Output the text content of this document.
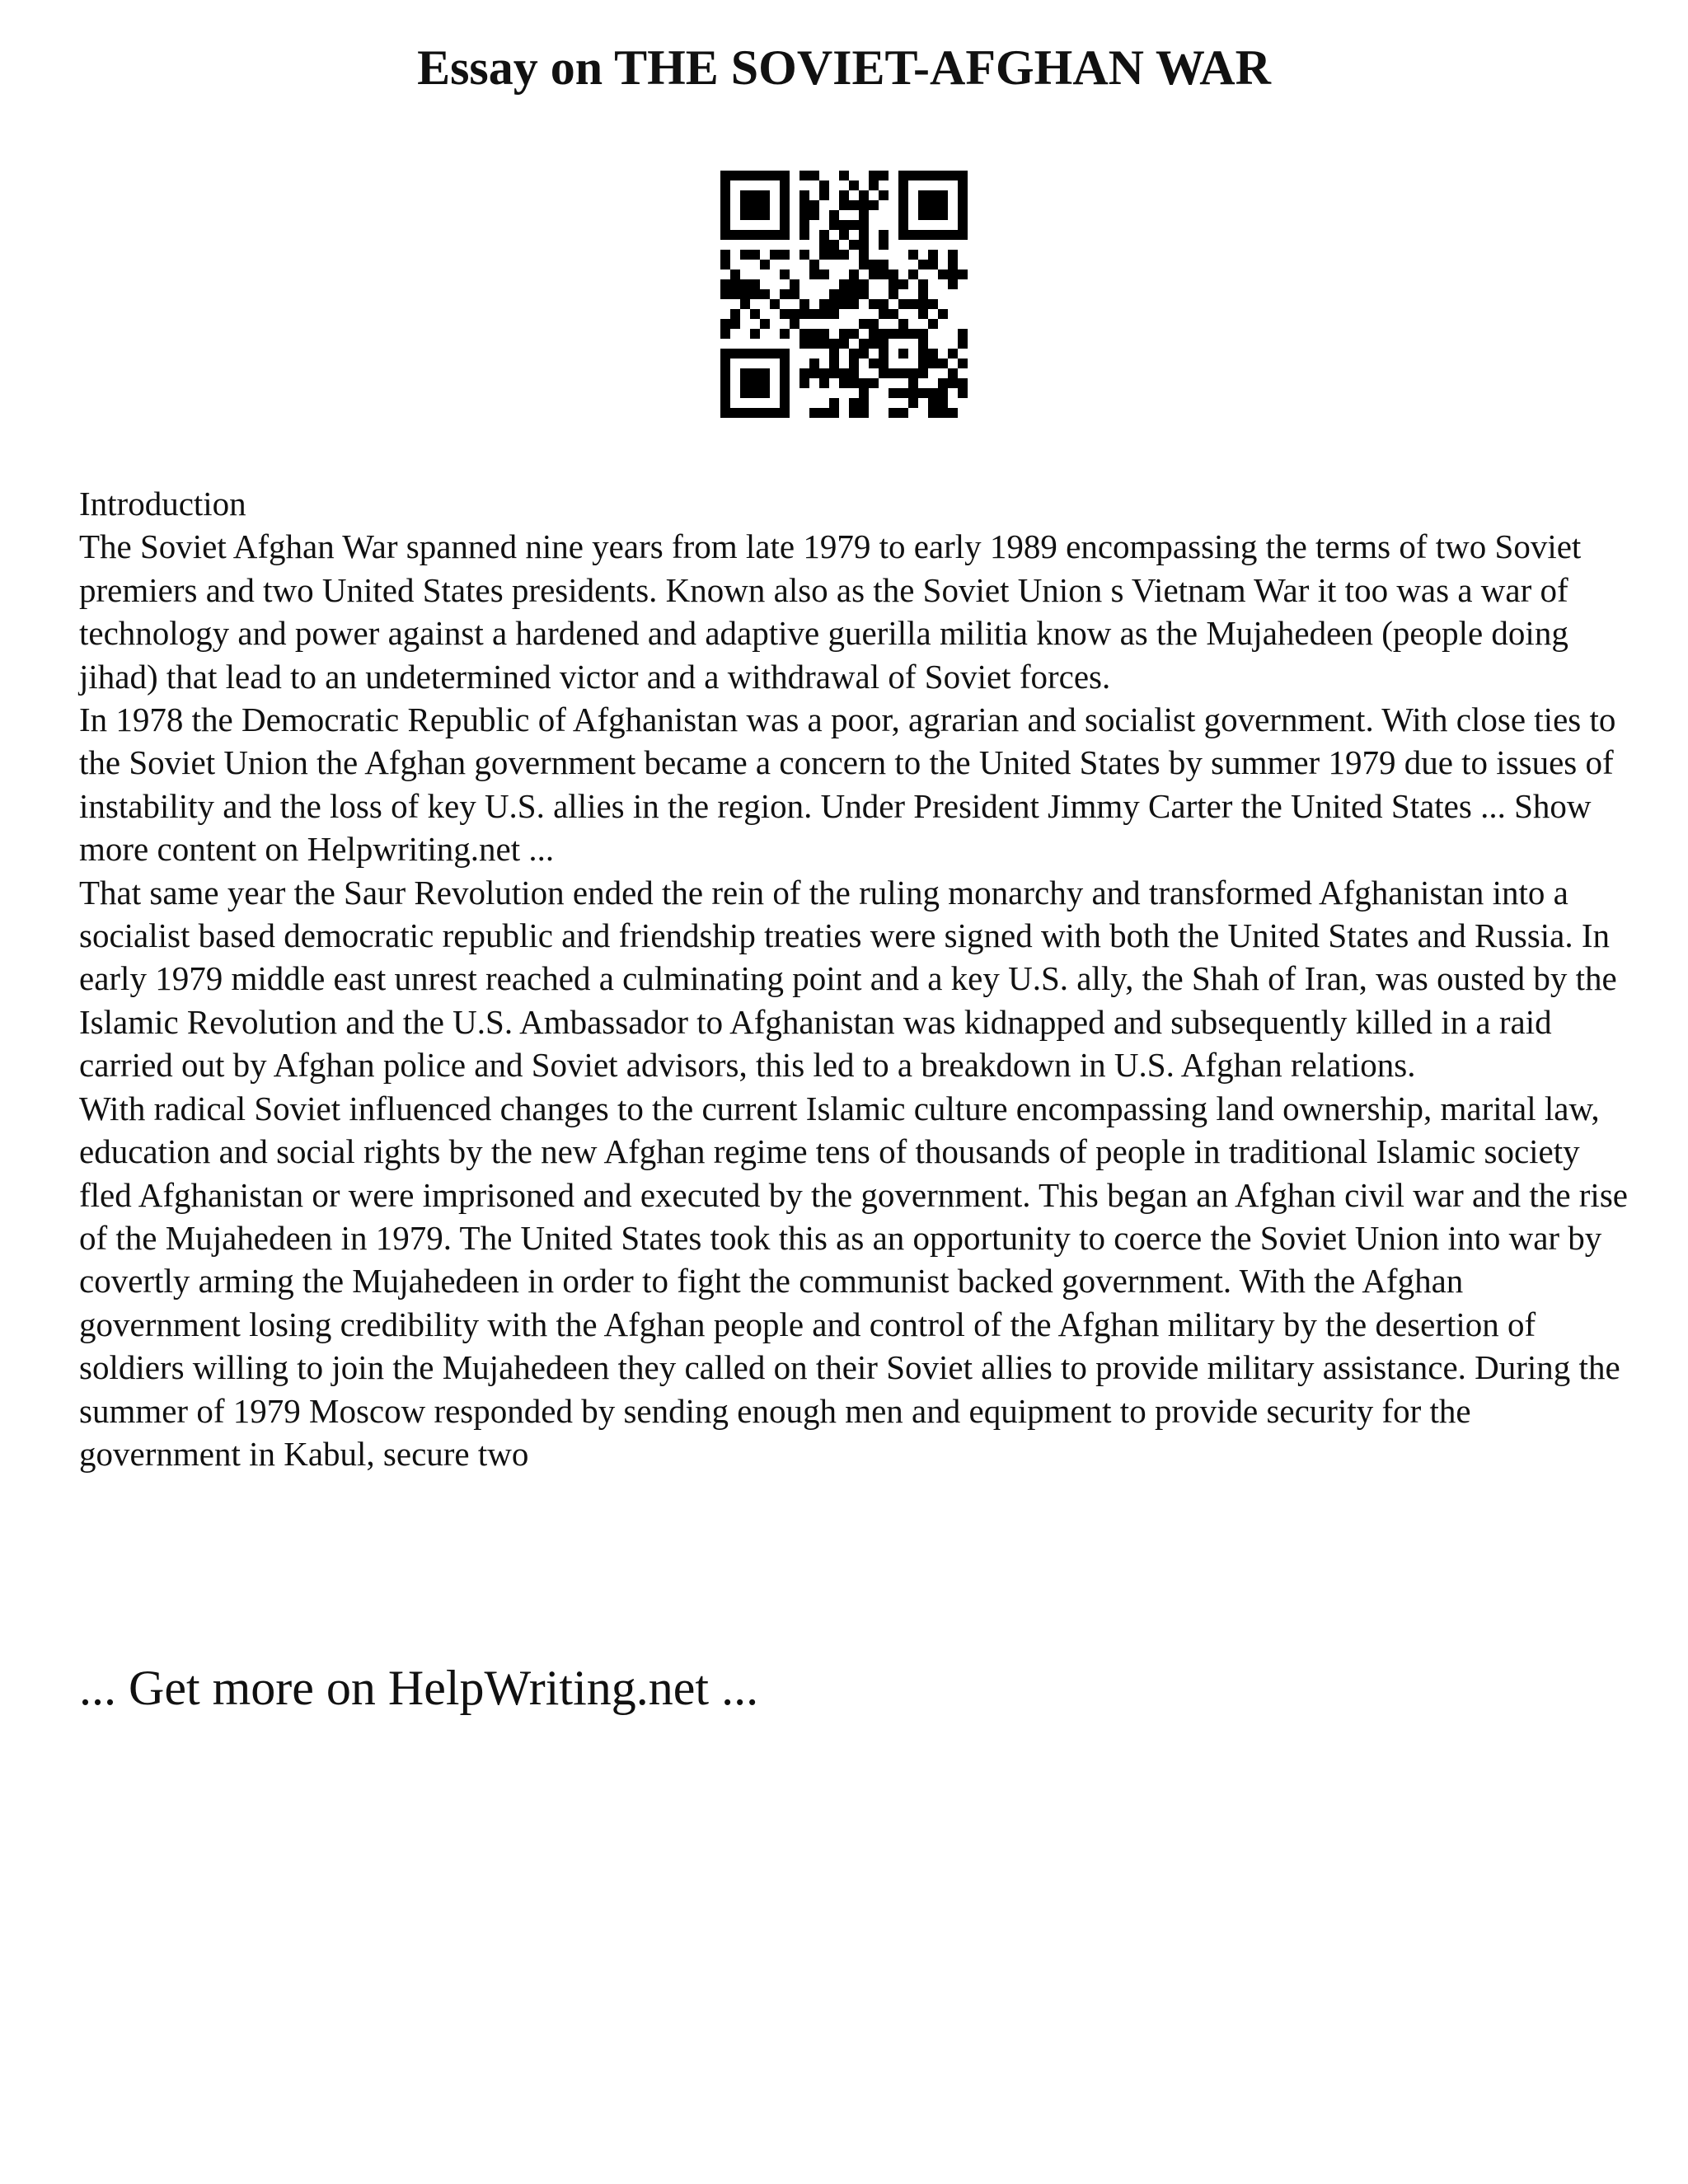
Essay on THE SOVIET-AFGHAN WAR

Introduction

The Soviet Afghan War spanned nine years from late 1979 to early 1989 encompassing the terms of two Soviet premiers and two United States presidents. Known also as the Soviet Union s Vietnam War it too was a war of technology and power against a hardened and adaptive guerilla militia know as the Mujahedeen (people doing jihad) that lead to an undetermined victor and a withdrawal of Soviet forces.

In 1978 the Democratic Republic of Afghanistan was a poor, agrarian and socialist government. With close ties to the Soviet Union the Afghan government became a concern to the United States by summer 1979 due to issues of instability and the loss of key U.S. allies in the region. Under President Jimmy Carter the United States ... Show more content on Helpwriting.net ...

That same year the Saur Revolution ended the rein of the ruling monarchy and transformed Afghanistan into a socialist based democratic republic and friendship treaties were signed with both the United States and Russia. In early 1979 middle east unrest reached a culminating point and a key U.S. ally, the Shah of Iran, was ousted by the Islamic Revolution and the U.S. Ambassador to Afghanistan was kidnapped and subsequently killed in a raid carried out by Afghan police and Soviet advisors, this led to a breakdown in U.S. Afghan relations.

With radical Soviet influenced changes to the current Islamic culture encompassing land ownership, marital law, education and social rights by the new Afghan regime tens of thousands of people in traditional Islamic society fled Afghanistan or were imprisoned and executed by the government. This began an Afghan civil war and the rise of the Mujahedeen in 1979. The United States took this as an opportunity to coerce the Soviet Union into war by covertly arming the Mujahedeen in order to fight the communist backed government. With the Afghan government losing credibility with the Afghan people and control of the Afghan military by the desertion of soldiers willing to join the Mujahedeen they called on their Soviet allies to provide military assistance. During the summer of 1979 Moscow responded by sending enough men and equipment to provide security for the government in Kabul, secure two

... Get more on HelpWriting.net ...
